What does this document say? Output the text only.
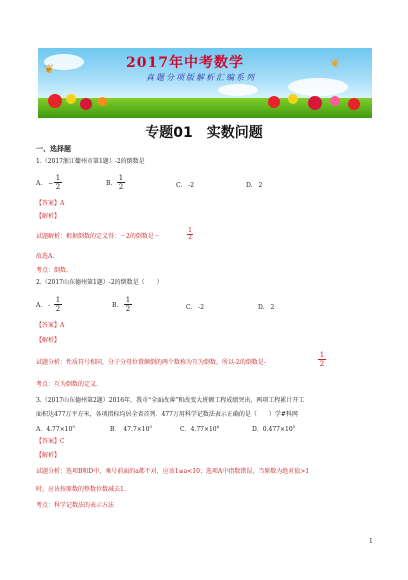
❦	❦
2017年中考数学
真题分项版解析汇编系列
专题01　实数问题
一、选择题
1.（2017浙江衢州市第1题）-2的倒数是
A. −
1
2	B.
1
2	C.　-2	D.　2
【答案】A
【解析】
试题解析：根据倒数的定义得：－2的倒数是－
1
2
故选A.
考点：倒数.
2.（2017山东德州第1题）-2的倒数是（　　）
A. -
1
2	B.
1
2	C.　-2	D.　2
【答案】A
【解析】
试题分析：性质符号相同，分子分母位置颠倒的两个数称为互为倒数，所以-2的倒数是-
1
2
考点：互为倒数的定义.
3.（2017山东德州第2题）2016年，我市“全面改薄”和改变大班额工程成绩突出，两项工程累计开工
面积达477万平方米，各项指标均居全省首列．477万用科学记数法表示正确的是（　　）学#科网
A．$4.77\times 10^5$	B．　$47.7\times 10^5$	C．$4.77\times 10^6$	D．$0.477\times 10^5$
【答案】C
【解析】
试题分析：选项B和D中，乘号前面的a都不对，应该1≤a<10；选项A中指数错误，当原数为绝对值>1
时，应该按原数的整数位数减去1.
考点：科学记数法的表示方法
1
